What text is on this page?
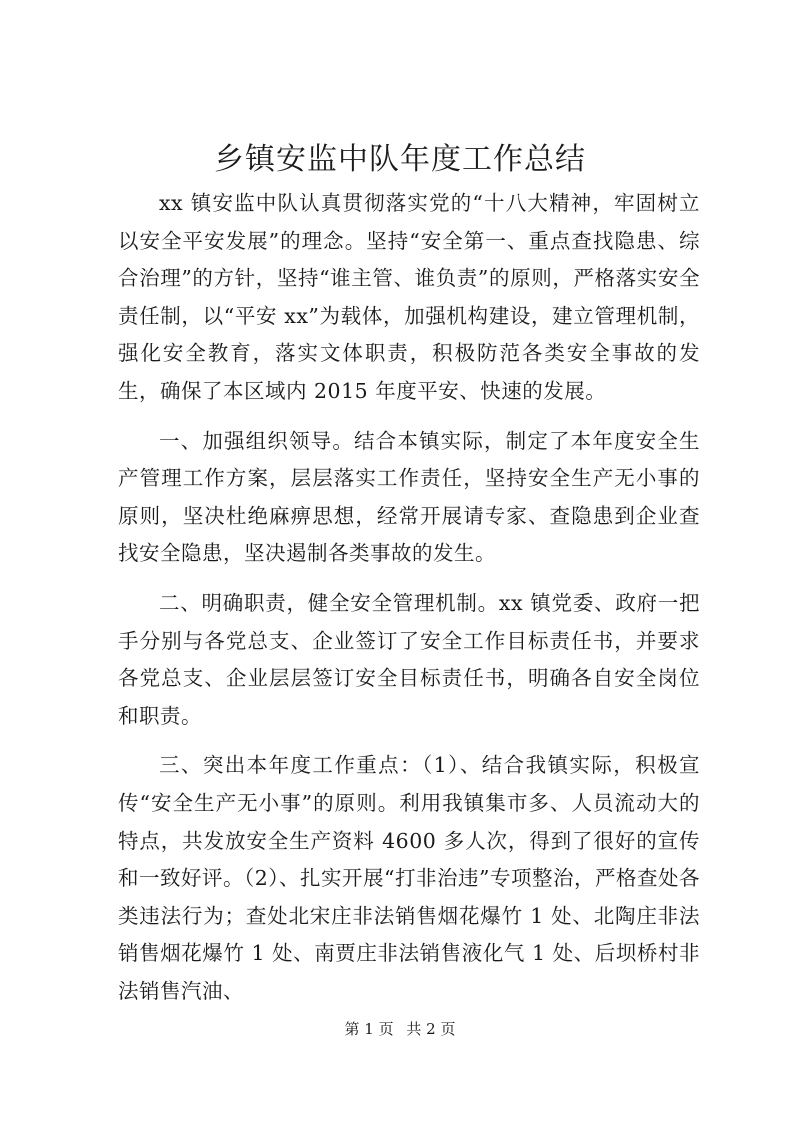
乡镇安监中队年度工作总结

xx 镇安监中队认真贯彻落实党的“十八大精神，牢固树立以安全平安发展”的理念。坚持“安全第一、重点查找隐患、综合治理”的方针，坚持“谁主管、谁负责”的原则，严格落实安全责任制，以“平安 xx”为载体，加强机构建设，建立管理机制，强化安全教育，落实文体职责，积极防范各类安全事故的发生，确保了本区域内 2015 年度平安、快速的发展。

一、加强组织领导。结合本镇实际，制定了本年度安全生产管理工作方案，层层落实工作责任，坚持安全生产无小事的原则，坚决杜绝麻痹思想，经常开展请专家、查隐患到企业查找安全隐患，坚决遏制各类事故的发生。

二、明确职责，健全安全管理机制。xx 镇党委、政府一把手分别与各党总支、企业签订了安全工作目标责任书，并要求各党总支、企业层层签订安全目标责任书，明确各自安全岗位和职责。

三、突出本年度工作重点：（1）、结合我镇实际，积极宣传“安全生产无小事”的原则。利用我镇集市多、人员流动大的特点，共发放安全生产资料 4600 多人次，得到了很好的宣传和一致好评。（2）、扎实开展“打非治违”专项整治，严格查处各类违法行为；查处北宋庄非法销售烟花爆竹 1 处、北陶庄非法销售烟花爆竹 1 处、南贾庄非法销售液化气 1 处、后坝桥村非法销售汽油、

第 1 页 共 2 页
